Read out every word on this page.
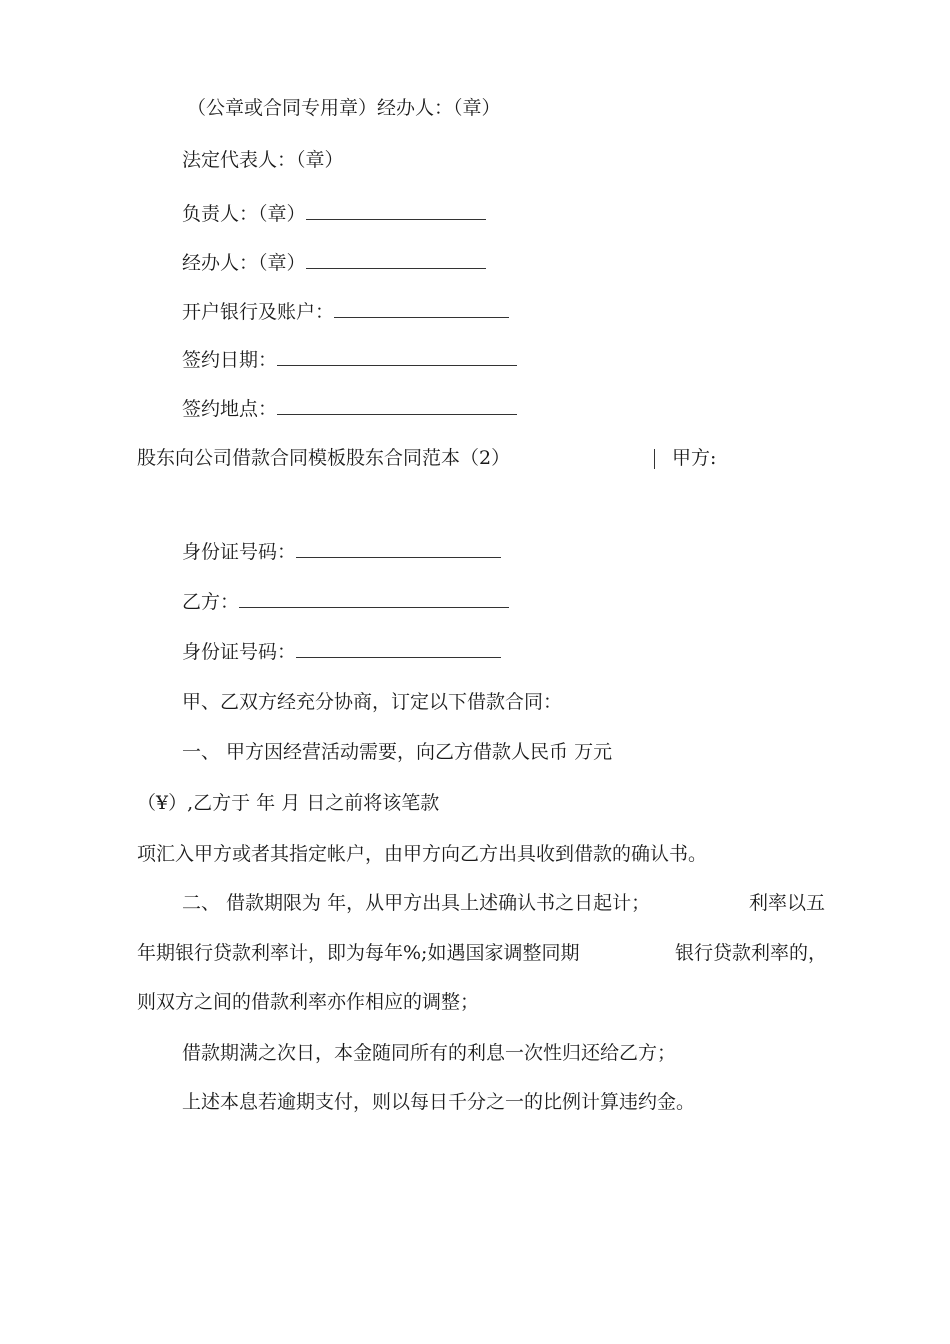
（公章或合同专用章）经办人：（章）
法定代表人：（章）
负责人：（章）
经办人：（章）
开户银行及账户：
签约日期：
签约地点：
股东向公司借款合同模板股东合同范本（2）	甲方:
身份证号码：
乙方：
身份证号码：
甲、乙双方经充分协商，订定以下借款合同：
一、 甲方因经营活动需要，向乙方借款人民币 万元
（¥）,乙方于 年 月 日之前将该笔款
项汇入甲方或者其指定帐户，由甲方向乙方出具收到借款的确认书。
二、 借款期限为 年，从甲方出具上述确认书之日起计；	利率以五
年期银行贷款利率计，即为每年%;如遇国家调整同期	银行贷款利率的，
则双方之间的借款利率亦作相应的调整；
借款期满之次日，本金随同所有的利息一次性归还给乙方；
上述本息若逾期支付，则以每日千分之一的比例计算违约金。
